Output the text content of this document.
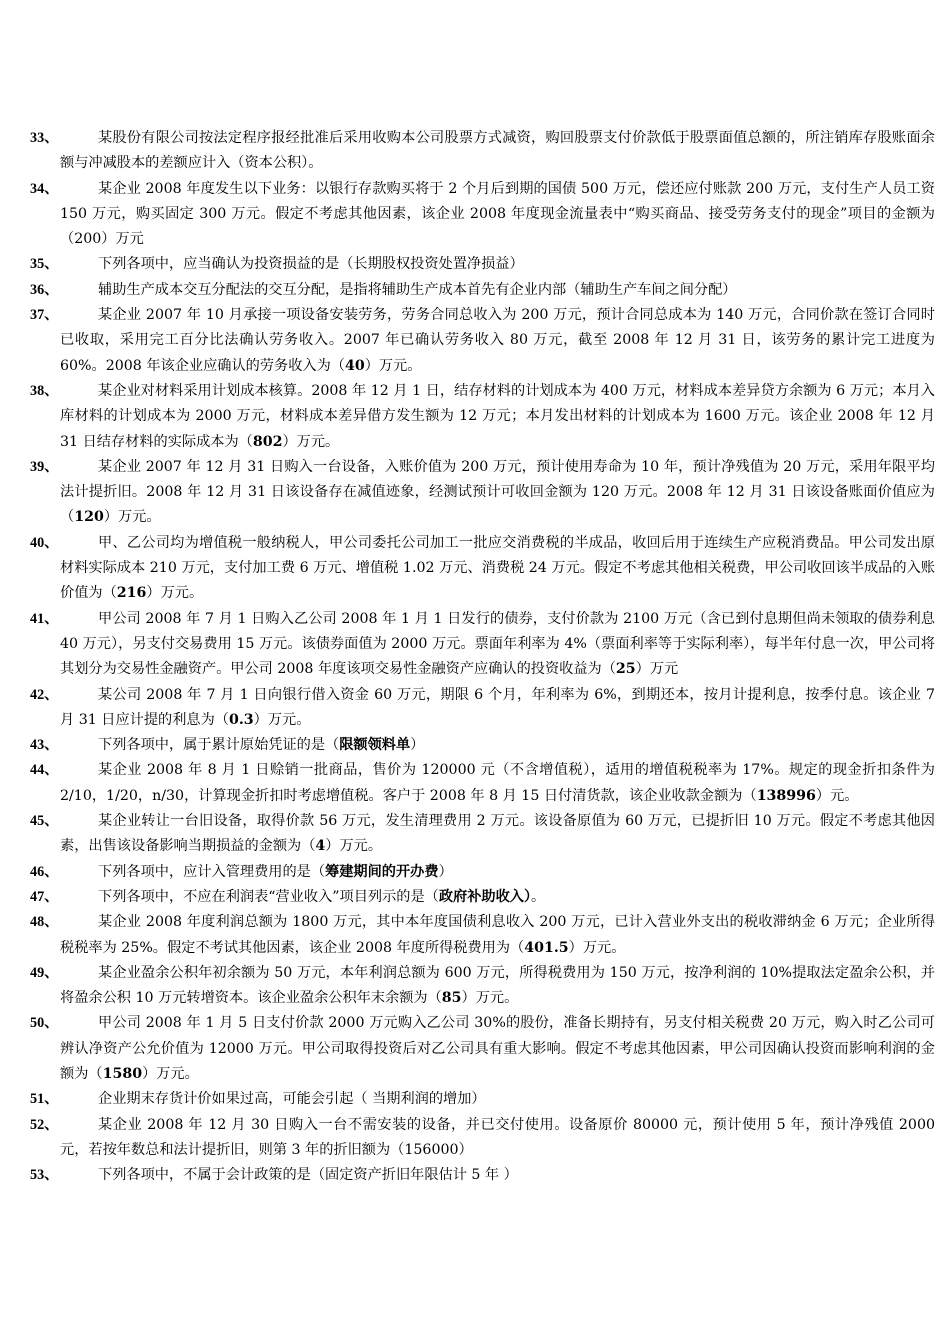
33、	某股份有限公司按法定程序报经批准后采用收购本公司股票方式减资，购回股票支付价款低于股票面值总额的，所注销库存股账面余额与冲减股本的差额应计入（资本公积）。
34、	某企业 2008 年度发生以下业务：以银行存款购买将于 2 个月后到期的国债 500 万元，偿还应付账款 200 万元，支付生产人员工资 150 万元，购买固定 300 万元。假定不考虑其他因素，该企业 2008 年度现金流量表中“购买商品、接受劳务支付的现金”项目的金额为（200）万元
35、	下列各项中，应当确认为投资损益的是（长期股权投资处置净损益）
36、	辅助生产成本交互分配法的交互分配，是指将辅助生产成本首先有企业内部（辅助生产车间之间分配）
37、	某企业 2007 年 10 月承接一项设备安装劳务，劳务合同总收入为 200 万元，预计合同总成本为 140 万元，合同价款在签订合同时已收取，采用完工百分比法确认劳务收入。2007 年已确认劳务收入 80 万元，截至 2008 年 12 月 31 日，该劳务的累计完工进度为60%。2008 年该企业应确认的劳务收入为（40）万元。
38、	某企业对材料采用计划成本核算。2008 年 12 月 1 日，结存材料的计划成本为 400 万元，材料成本差异贷方余额为 6 万元；本月入库材料的计划成本为 2000 万元，材料成本差异借方发生额为 12 万元；本月发出材料的计划成本为 1600 万元。该企业 2008 年 12 月 31 日结存材料的实际成本为（802）万元。
39、	某企业 2007 年 12 月 31 日购入一台设备，入账价值为 200 万元，预计使用寿命为 10 年，预计净残值为 20 万元，采用年限平均法计提折旧。2008 年 12 月 31 日该设备存在减值迹象，经测试预计可收回金额为 120 万元。2008 年 12 月 31 日该设备账面价值应为（120）万元。
40、	甲、乙公司均为增值税一般纳税人，甲公司委托公司加工一批应交消费税的半成品，收回后用于连续生产应税消费品。甲公司发出原材料实际成本 210 万元，支付加工费 6 万元、增值税 1.02 万元、消费税 24 万元。假定不考虑其他相关税费，甲公司收回该半成品的入账价值为（216）万元。
41、	甲公司 2008 年 7 月 1 日购入乙公司 2008 年 1 月 1 日发行的债券，支付价款为 2100 万元（含已到付息期但尚未领取的债券利息 40 万元），另支付交易费用 15 万元。该债券面值为 2000 万元。票面年利率为 4%（票面利率等于实际利率），每半年付息一次，甲公司将其划分为交易性金融资产。甲公司 2008 年度该项交易性金融资产应确认的投资收益为（25）万元
42、	某公司 2008 年 7 月 1 日向银行借入资金 60 万元，期限 6 个月，年利率为 6%，到期还本，按月计提利息，按季付息。该企业 7 月 31 日应计提的利息为（0.3）万元。
43、	下列各项中，属于累计原始凭证的是（限额领料单）
44、	某企业 2008 年 8 月 1 日赊销一批商品，售价为 120000 元（不含增值税），适用的增值税税率为 17%。规定的现金折扣条件为 2/10，1/20，n/30，计算现金折扣时考虑增值税。客户于 2008 年 8 月 15 日付清货款，该企业收款金额为（138996）元。
45、	某企业转让一台旧设备，取得价款 56 万元，发生清理费用 2 万元。该设备原值为 60 万元，已提折旧 10 万元。假定不考虑其他因素，出售该设备影响当期损益的金额为（4）万元。
46、	下列各项中，应计入管理费用的是（筹建期间的开办费）
47、	下列各项中，不应在利润表“营业收入”项目列示的是（政府补助收入）。
48、	某企业 2008 年度利润总额为 1800 万元，其中本年度国债利息收入 200 万元，已计入营业外支出的税收滞纳金 6 万元；企业所得税税率为 25%。假定不考试其他因素，该企业 2008 年度所得税费用为（401.5）万元。
49、	某企业盈余公积年初余额为 50 万元，本年利润总额为 600 万元，所得税费用为 150 万元，按净利润的 10%提取法定盈余公积，并将盈余公积 10 万元转增资本。该企业盈余公积年末余额为（85）万元。
50、	甲公司 2008 年 1 月 5 日支付价款 2000 万元购入乙公司 30%的股份，准备长期持有，另支付相关税费 20 万元，购入时乙公司可辨认净资产公允价值为 12000 万元。甲公司取得投资后对乙公司具有重大影响。假定不考虑其他因素，甲公司因确认投资而影响利润的金额为（1580）万元。
51、	企业期末存货计价如果过高，可能会引起（ 当期利润的增加）
52、	某企业 2008 年 12 月 30 日购入一台不需安装的设备，并已交付使用。设备原价 80000 元，预计使用 5 年，预计净残值 2000 元，若按年数总和法计提折旧，则第 3 年的折旧额为（156000）
53、	下列各项中，不属于会计政策的是（固定资产折旧年限估计 5 年 ）
